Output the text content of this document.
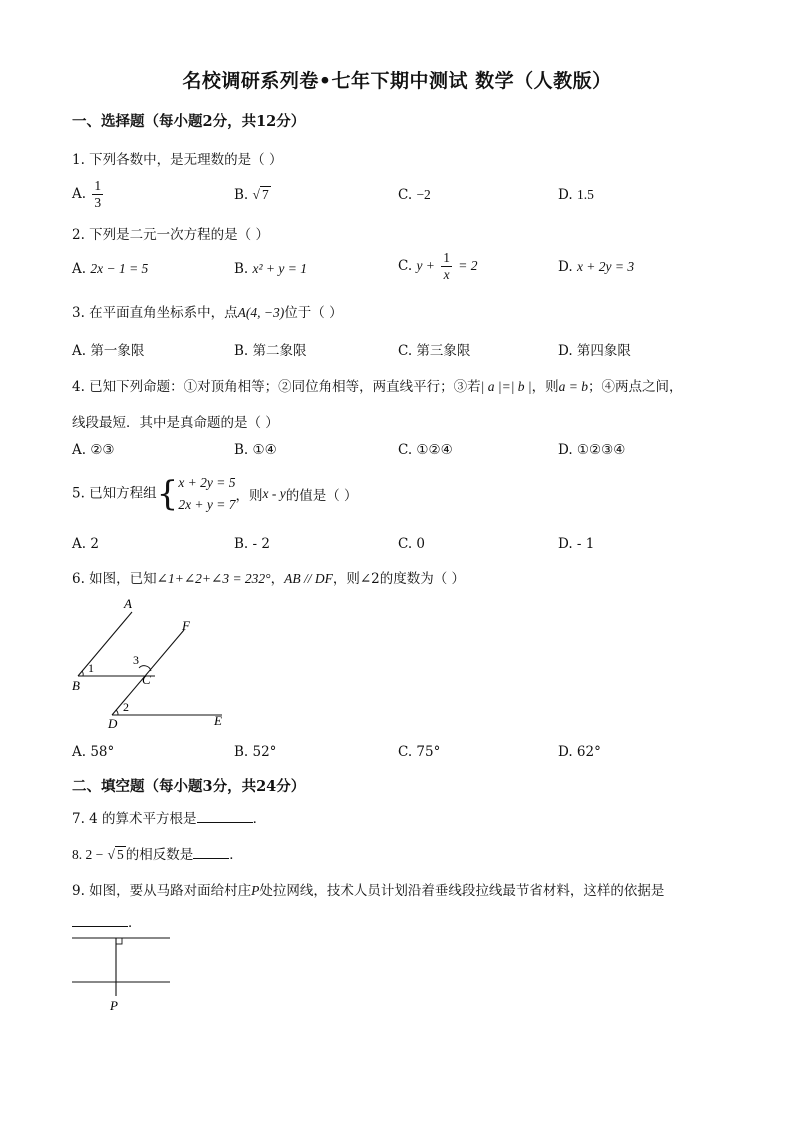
名校调研系列卷•七年下期中测试 数学（人教版）
一、选择题（每小题2分，共12分）
1. 下列各数中，是无理数的是（ ）
A. $\frac{1}{3}$	B. √ 7	C. −2	D. 1.5
2. 下列是二元一次方程的是（ ）
A. 2x − 1 = 5	B. x² + y = 1	C. $y + \frac{1}{x} = 2$	D. x + 2y = 3
3. 在平面直角坐标系中，点A(4, −3)位于（ ）
A. 第一象限	B. 第二象限	C. 第三象限	D. 第四象限
4. 已知下列命题：①对顶角相等；②同位角相等，两直线平行；③若| a |=| b |，则a = b；④两点之间，
线段最短．其中是真命题的是（ ）
A. ②③	B. ①④	C. ①②④	D. ①②③④
5. 已知方程组{ x + 2y = 5
2x + y = 7
，则x - y的值是（ ）
A. 2	B. - 2	C. 0	D. - 1
6. 如图，已知∠1+∠2+∠3 = 232°，AB // DF，则∠2的度数为（ ）
A
F
B	C
D	E
1
3
2
A. 58°	B. 52°	C. 75°	D. 62°
二、填空题（每小题3分，共24分）
7. 4 的算术平方根是	．
8. 2 − √ 5 的相反数是	．
9. 如图，要从马路对面给村庄P处拉网线，技术人员计划沿着垂线段拉线最节省材料，这样的依据是
．
P
